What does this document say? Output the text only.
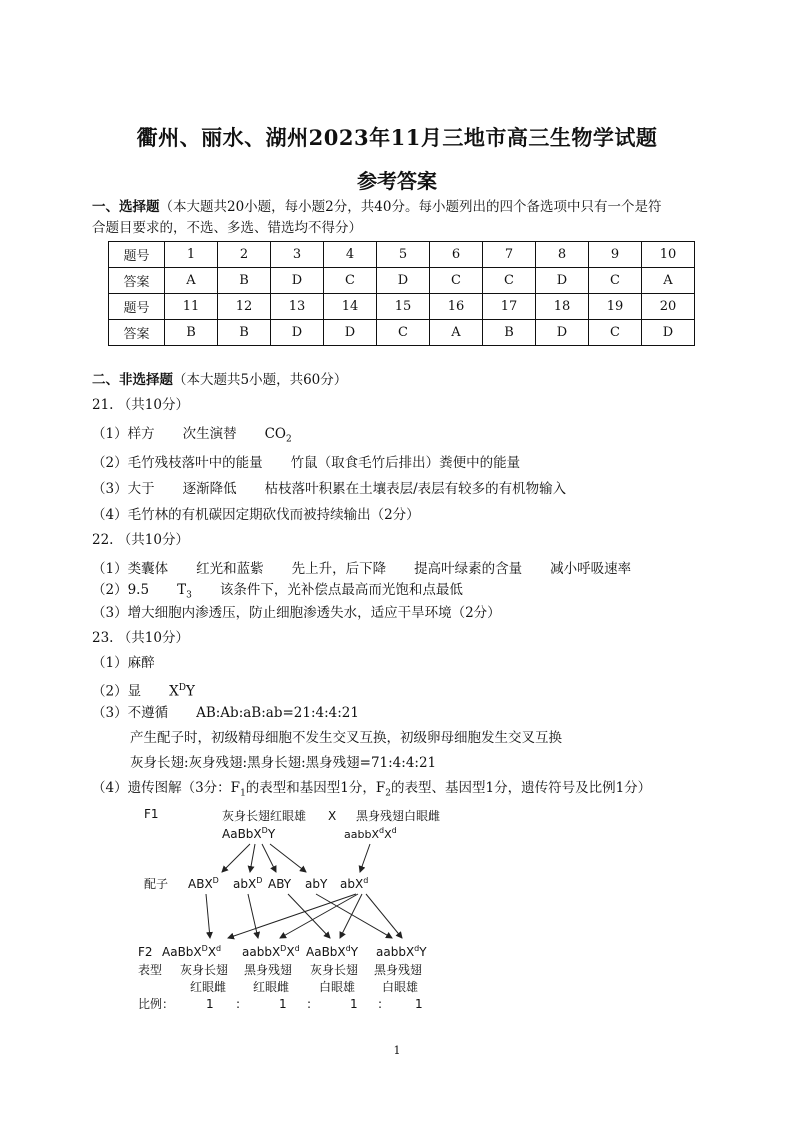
衢州、丽水、湖州2023年11月三地市高三生物学试题
参考答案
一、选择题（本大题共20小题，每小题2分，共40分。每小题列出的四个备选项中只有一个是符
合题目要求的，不选、多选、错选均不得分）
题号	1	2	3	4	5	6	7	8	9	10
答案	A	B	D	C	D	C	C	D	C	A
题号	11	12	13	14	15	16	17	18	19	20
答案	B	B	D	D	C	A	B	D	C	D
二、非选择题（本大题共5小题，共60分）
21. （共10分）
（1）样方 次生演替 $CO_2$
（2）毛竹残枝落叶中的能量 竹鼠（取食毛竹后排出）粪便中的能量
（3）大于 逐渐降低 枯枝落叶积累在土壤表层/表层有较多的有机物输入
（4）毛竹林的有机碳因定期砍伐而被持续输出（2分）
22. （共10分）
（1）类囊体 红光和蓝紫 先上升，后下降 提高叶绿素的含量 减小呼吸速率
（2）9.5 $T_3$ 该条件下，光补偿点最高而光饱和点最低
（3）增大细胞内渗透压，防止细胞渗透失水，适应干旱环境（2分）
23. （共10分）
（1）麻醉
（2）显 $X^DY$
（3）不遵循 AB:Ab:aB:ab=21:4:4:21
产生配子时，初级精母细胞不发生交叉互换，初级卵母细胞发生交叉互换
灰身长翅:灰身残翅:黑身长翅:黑身残翅=71:4:4:21
（4）遗传图解（3分：$F_1$的表型和基因型1分，$F_2$的表型、基因型1分，遗传符号及比例1分）
F1	灰身长翅红眼雄 X 黑身残翅白眼雌
AaBbX$^D$Y	$aabbX^dX^d$
配子 $ABX^D$ abX$^D$ ABY abY abX$^d$
F2 $AaBbX^DX^d$ $aabbX^DX^d$ AaBbX$^d$Y aabbX$^d$Y
表型 灰身长翅 黑身残翅 灰身长翅 黑身残翅
红眼雌 红眼雌 白眼雄 白眼雄
比例：	1 :	1 :	1 :	1
1
